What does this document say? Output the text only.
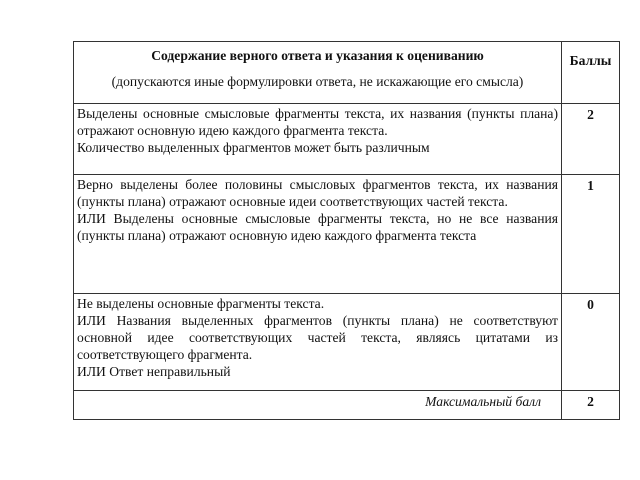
Содержание верного ответа и указания к оцениванию
(допускаются иные формулировки ответа, не искажающие его смысла)	Баллы

Выделены основные смысловые фрагменты текста, их названия (пункты плана) отражают основную идею каждого фрагмента текста.

Количество выделенных фрагментов может быть различным	2

Верно выделены более половины смысловых фрагментов текста, их названия (пункты плана) отражают основные идеи соответствующих частей текста.

ИЛИ Выделены основные смысловые фрагменты текста, но не все названия (пункты плана) отражают основную идею каждого фрагмента текста	1

Не выделены основные фрагменты текста.

ИЛИ Названия выделенных фрагментов (пункты плана) не соответствуют основной идее соответствующих частей текста, являясь цитатами из соответствующего фрагмента.

ИЛИ Ответ неправильный	0
Максимальный балл	2
